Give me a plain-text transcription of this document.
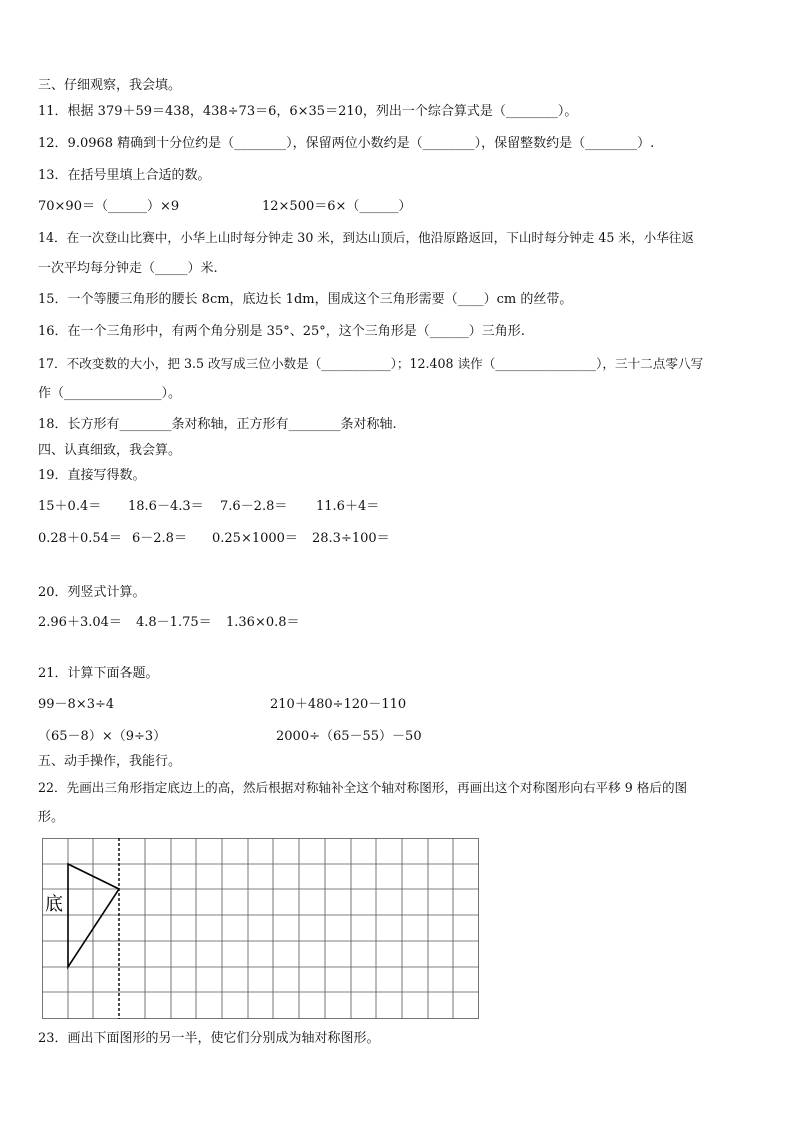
三、仔细观察，我会填。
11．根据 379＋59＝438，438÷73＝6，6×35＝210，列出一个综合算式是（________）。
12．9.0968 精确到十分位约是（________），保留两位小数约是（________），保留整数约是（________）.
13．在括号里填上合适的数。
70×90＝（______）×9	12×500＝6×（______）
14．在一次登山比赛中，小华上山时每分钟走 30 米，到达山顶后，他沿原路返回，下山时每分钟走 45 米，小华往返
一次平均每分钟走（_____）米.
15．一个等腰三角形的腰长 8cm，底边长 1dm，围成这个三角形需要（____）cm 的丝带。
16．在一个三角形中，有两个角分别是 35°、25°，这个三角形是（______）三角形.
17．不改变数的大小，把 3.5 改写成三位小数是（___________）；12.408 读作（________________），三十二点零八写
作（_______________）。
18．长方形有________条对称轴，正方形有________条对称轴.
四、认真细致，我会算。
19．直接写得数。
15＋0.4＝ 18.6－4.3＝ 7.6－2.8＝ 11.6＋4＝
0.28＋0.54＝ 6－2.8＝ 0.25×1000＝ 28.3÷100＝
20．列竖式计算。
2.96＋3.04＝ 4.8－1.75＝ 1.36×0.8＝
21．计算下面各题。
99－8×3÷4	210＋480÷120－110
（65－8）×（9÷3）	2000÷（65－55）－50
五、动手操作，我能行。
22．先画出三角形指定底边上的高，然后根据对称轴补全这个轴对称图形，再画出这个对称图形向右平移 9 格后的图
形。
底
23．画出下面图形的另一半，使它们分别成为轴对称图形。
